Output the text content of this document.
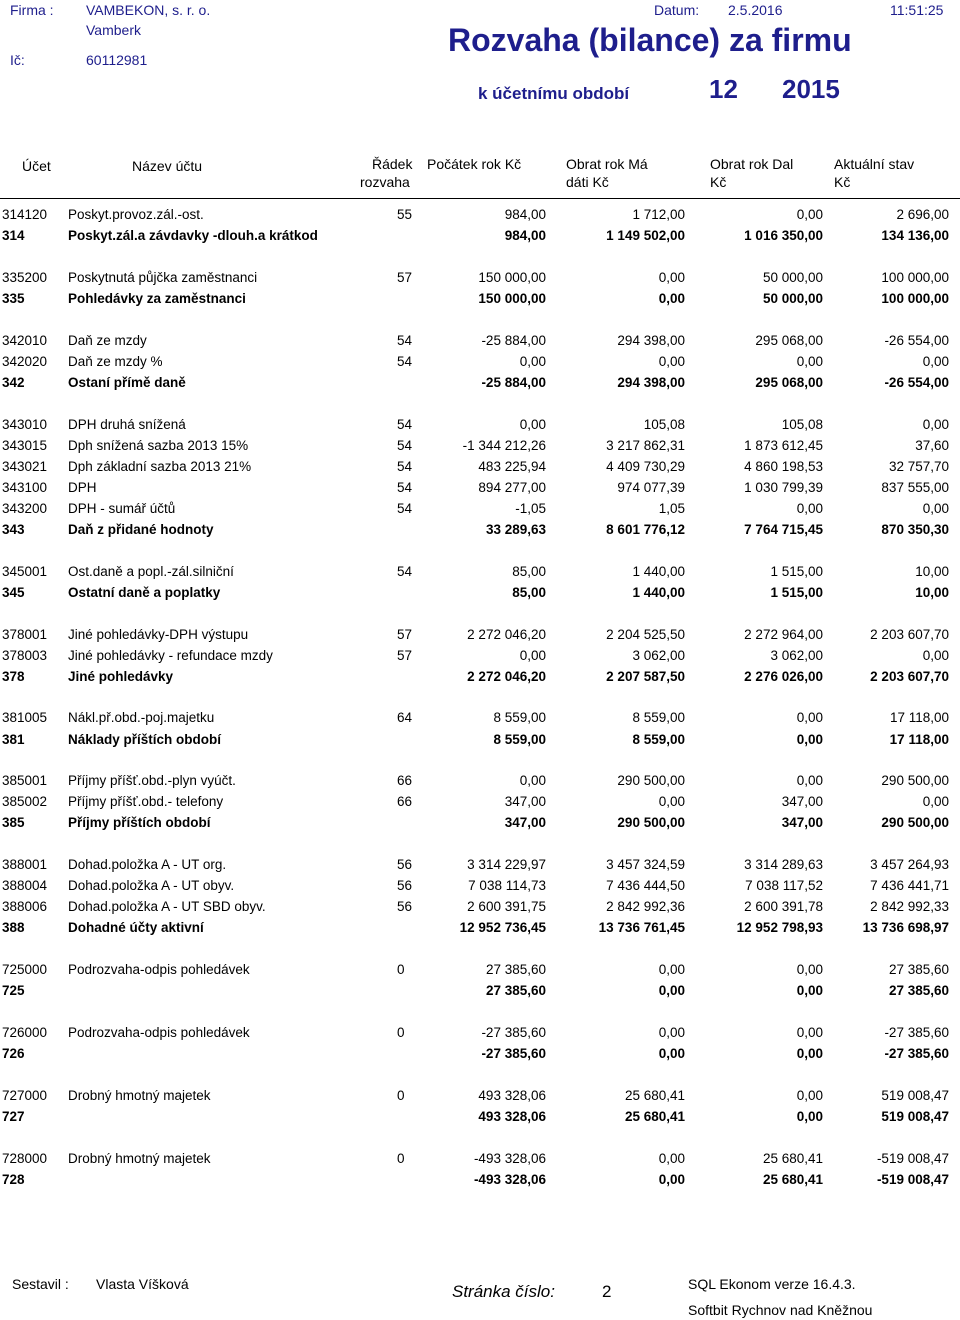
Firma : VAMBEKON, s. r. o.
Vamberk
Ič:	60112981
Datum: 2.5.2016	11:51:25
Rozvaha (bilance) za firmu
k účetnímu období	12 2015
Účet	Název účtu	Řádek
rozvaha
Počátek rok Kč	Obrat rok Má
dáti Kč
Obrat rok Dal
Kč
Aktuální stav
Kč
314120 Poskyt.provoz.zál.-ost.	55	984,00	1 712,00	0,00	2 696,00
314	Poskyt.zál.a závdavky -dlouh.a krátkod	984,00	1 149 502,00	1 016 350,00	134 136,00
335200 Poskytnutá půjčka zaměstnanci	57	150 000,00	0,00	50 000,00	100 000,00
335	Pohledávky za zaměstnanci	150 000,00	0,00	50 000,00	100 000,00
342010 Daň ze mzdy	54	-25 884,00	294 398,00	295 068,00	-26 554,00
342020 Daň ze mzdy %	54	0,00	0,00	0,00	0,00
342	Ostaní přímě daně	-25 884,00	294 398,00	295 068,00	-26 554,00
343010 DPH druhá snížená	54	0,00	105,08	105,08	0,00
343015 Dph snížená sazba 2013 15%	54	-1 344 212,26	3 217 862,31	1 873 612,45	37,60
343021 Dph základní sazba 2013 21%	54	483 225,94	4 409 730,29	4 860 198,53	32 757,70
343100 DPH	54	894 277,00	974 077,39	1 030 799,39	837 555,00
343200 DPH - sumář účtů	54	-1,05	1,05	0,00	0,00
343	Daň z přidané hodnoty	33 289,63	8 601 776,12	7 764 715,45	870 350,30
345001 Ost.daně a popl.-zál.silniční	54	85,00	1 440,00	1 515,00	10,00
345	Ostatní daně a poplatky	85,00	1 440,00	1 515,00	10,00
378001 Jiné pohledávky-DPH výstupu	57	2 272 046,20	2 204 525,50	2 272 964,00	2 203 607,70
378003 Jiné pohledávky - refundace mzdy	57	0,00	3 062,00	3 062,00	0,00
378	Jiné pohledávky	2 272 046,20	2 207 587,50	2 276 026,00	2 203 607,70
381005 Nákl.př.obd.-poj.majetku	64	8 559,00	8 559,00	0,00	17 118,00
381	Náklady příštích období	8 559,00	8 559,00	0,00	17 118,00
385001 Příjmy příšť.obd.-plyn vyúčt.	66	0,00	290 500,00	0,00	290 500,00
385002 Příjmy příšť.obd.- telefony	66	347,00	0,00	347,00	0,00
385	Příjmy příštích období	347,00	290 500,00	347,00	290 500,00
388001 Dohad.položka A - UT org.	56	3 314 229,97	3 457 324,59	3 314 289,63	3 457 264,93
388004 Dohad.položka A - UT obyv.	56	7 038 114,73	7 436 444,50	7 038 117,52	7 436 441,71
388006 Dohad.položka A - UT SBD obyv.	56	2 600 391,75	2 842 992,36	2 600 391,78	2 842 992,33
388	Dohadné účty aktivní	12 952 736,45	13 736 761,45	12 952 798,93	13 736 698,97
725000 Podrozvaha-odpis pohledávek	0	27 385,60	0,00	0,00	27 385,60
725	27 385,60	0,00	0,00	27 385,60
726000 Podrozvaha-odpis pohledávek	0	-27 385,60	0,00	0,00	-27 385,60
726	-27 385,60	0,00	0,00	-27 385,60
727000 Drobný hmotný majetek	0	493 328,06	25 680,41	0,00	519 008,47
727	493 328,06	25 680,41	0,00	519 008,47
728000 Drobný hmotný majetek	0	-493 328,06	0,00	25 680,41	-519 008,47
728	-493 328,06	0,00	25 680,41	-519 008,47
Sestavil : Vlasta Víšková	Stránka číslo:	2	SQL Ekonom verze 16.4.3.
Softbit Rychnov nad Kněžnou
